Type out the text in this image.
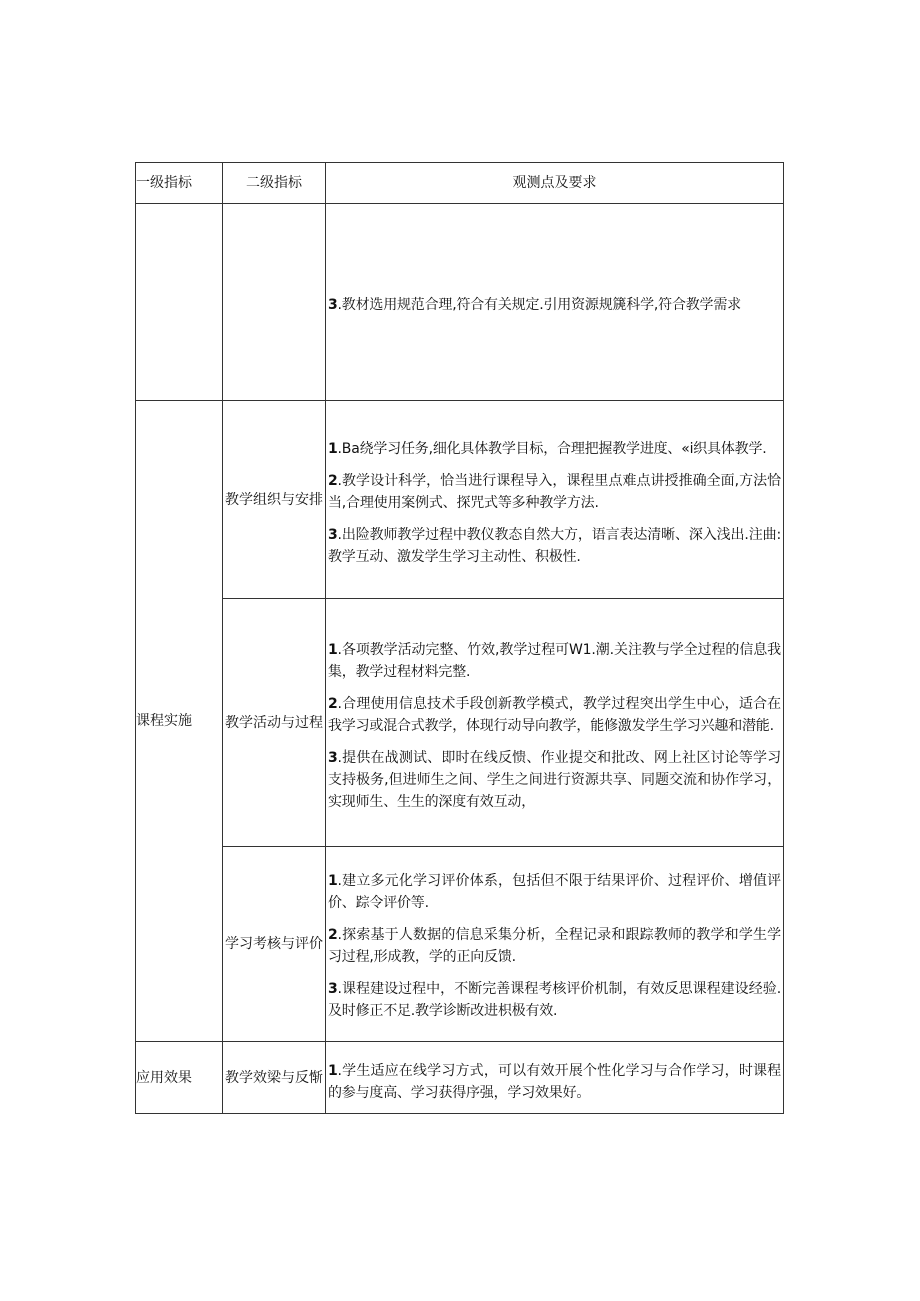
一级指标	二级指标	观测点及要求

		3.教材选用规范合理,符合有关规定.引用资源规篪科学,符合教学需求

课程实施	教学组织与安排	1.Ba绕学习任务,细化具体教学目标，合理把握教学进度、«i织具体教学.

2.教学设计科学，恰当进行课程导入，课程里点难点讲授推确全面,方法恰当,合理使用案例式、探咒式等多种教学方法.

3.出险教师教学过程中教仪教态自然大方，语言表达清晰、深入浅出.注曲:教学互动、激发学生学习主动性、积极性.

	教学活动与过程	1.各项教学活动完整、竹效,教学过程可W1.潮.关注教与学全过程的信息我集，教学过程材料完整.

2.合理使用信息技术手段创新教学模式，教学过程突出学生中心，适合在我学习或混合式教学，体现行动导向教学，能修激发学生学习兴趣和潜能.

3.提供在战测试、即时在线反愦、作业提交和批改、网上社区讨论等学习支持极务,但进师生之间、学生之间进行资源共享、同题交流和协作学习，实现师生、生生的深度有效互动，

	学习考核与评价	1.建立多元化学习评价体系，包括但不限于结果评价、过程评价、增值评价、踪令评价等.

2.探索基于人数据的信息采集分析，全程记录和跟踪教师的教学和学生学习过程,形成教，学的正向反馈.

3.课程建设过程中，不断完善课程考核评价机制，有效反思课程建设经验.及时修正不足.教学诊断改进枳极有效.

应用效果	教学效梁与反惭	1.学生适应在线学习方式，可以有效开展个性化学习与合作学习，时课程的参与度高、学习获得序强，学习效果好。
